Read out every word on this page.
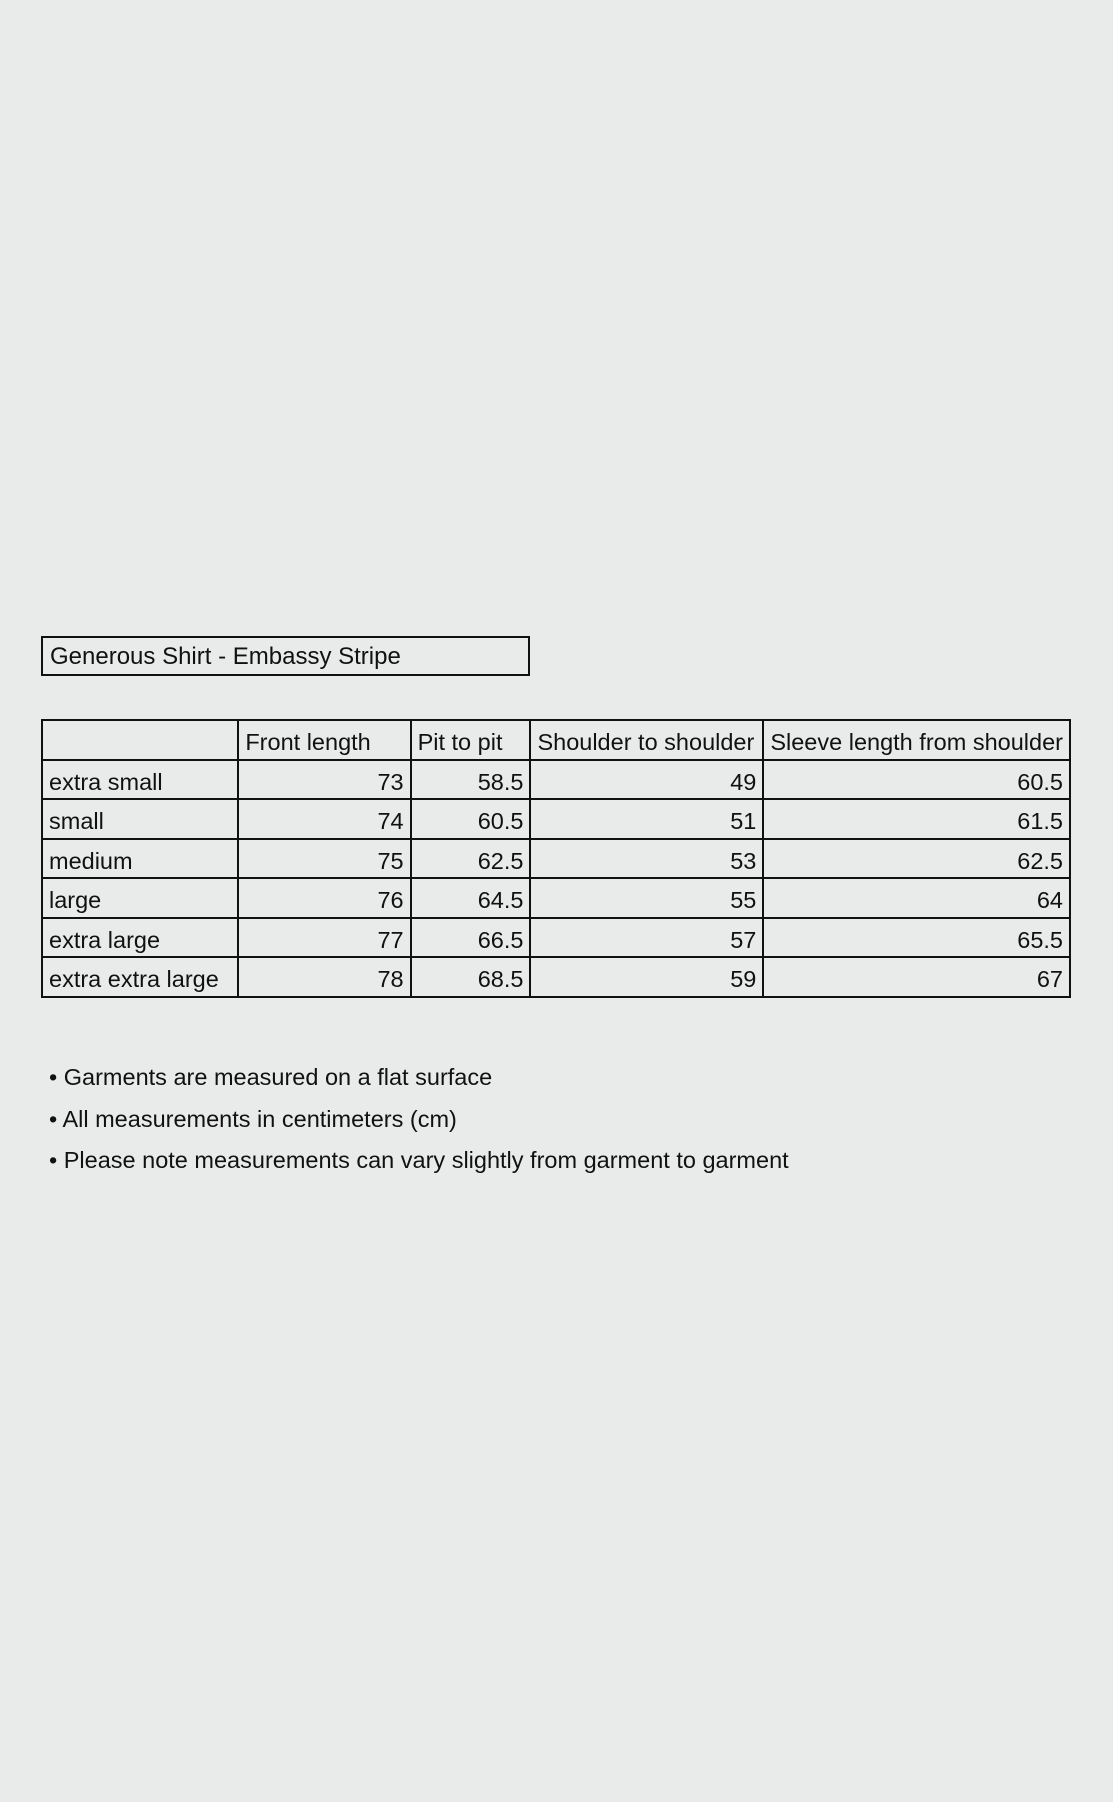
Generous Shirt - Embassy Stripe
	Front length	Pit to pit	Shoulder to shoulder	Sleeve length from shoulder
extra small	73	58.5	49	60.5
small	74	60.5	51	61.5
medium	75	62.5	53	62.5
large	76	64.5	55	64
extra large	77	66.5	57	65.5
extra extra large	78	68.5	59	67
• Garments are measured on a flat surface
• All measurements in centimeters (cm)
• Please note measurements can vary slightly from garment to garment
